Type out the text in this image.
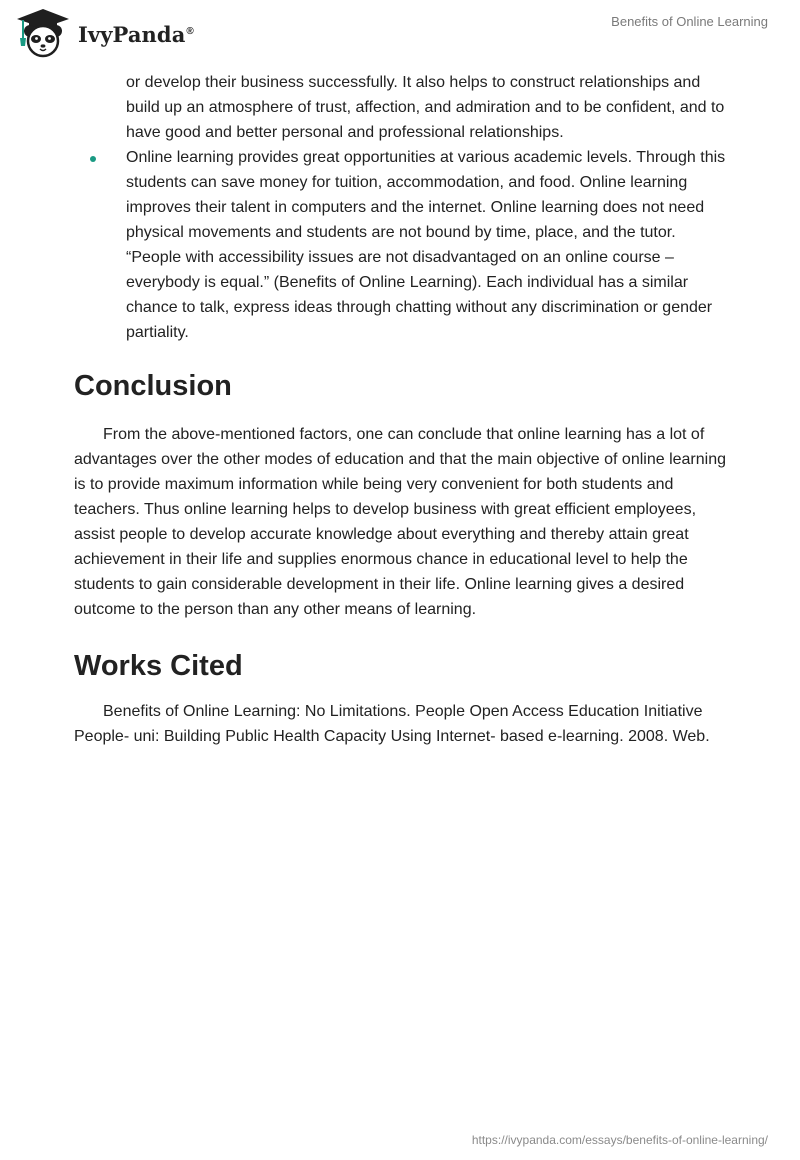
IvyPanda®
Benefits of Online Learning
or develop their business successfully. It also helps to construct relationships and build up an atmosphere of trust, affection, and admiration and to be confident, and to have good and better personal and professional relationships.
Online learning provides great opportunities at various academic levels. Through this students can save money for tuition, accommodation, and food. Online learning improves their talent in computers and the internet. Online learning does not need physical movements and students are not bound by time, place, and the tutor. “People with accessibility issues are not disadvantaged on an online course – everybody is equal.” (Benefits of Online Learning). Each individual has a similar chance to talk, express ideas through chatting without any discrimination or gender partiality.
Conclusion

From the above-mentioned factors, one can conclude that online learning has a lot of advantages over the other modes of education and that the main objective of online learning is to provide maximum information while being very convenient for both students and teachers. Thus online learning helps to develop business with great efficient employees, assist people to develop accurate knowledge about everything and thereby attain great achievement in their life and supplies enormous chance in educational level to help the students to gain considerable development in their life. Online learning gives a desired outcome to the person than any other means of learning.

Works Cited

Benefits of Online Learning: No Limitations. People Open Access Education Initiative People- uni: Building Public Health Capacity Using Internet- based e-learning. 2008. Web.

https://ivypanda.com/essays/benefits-of-online-learning/
